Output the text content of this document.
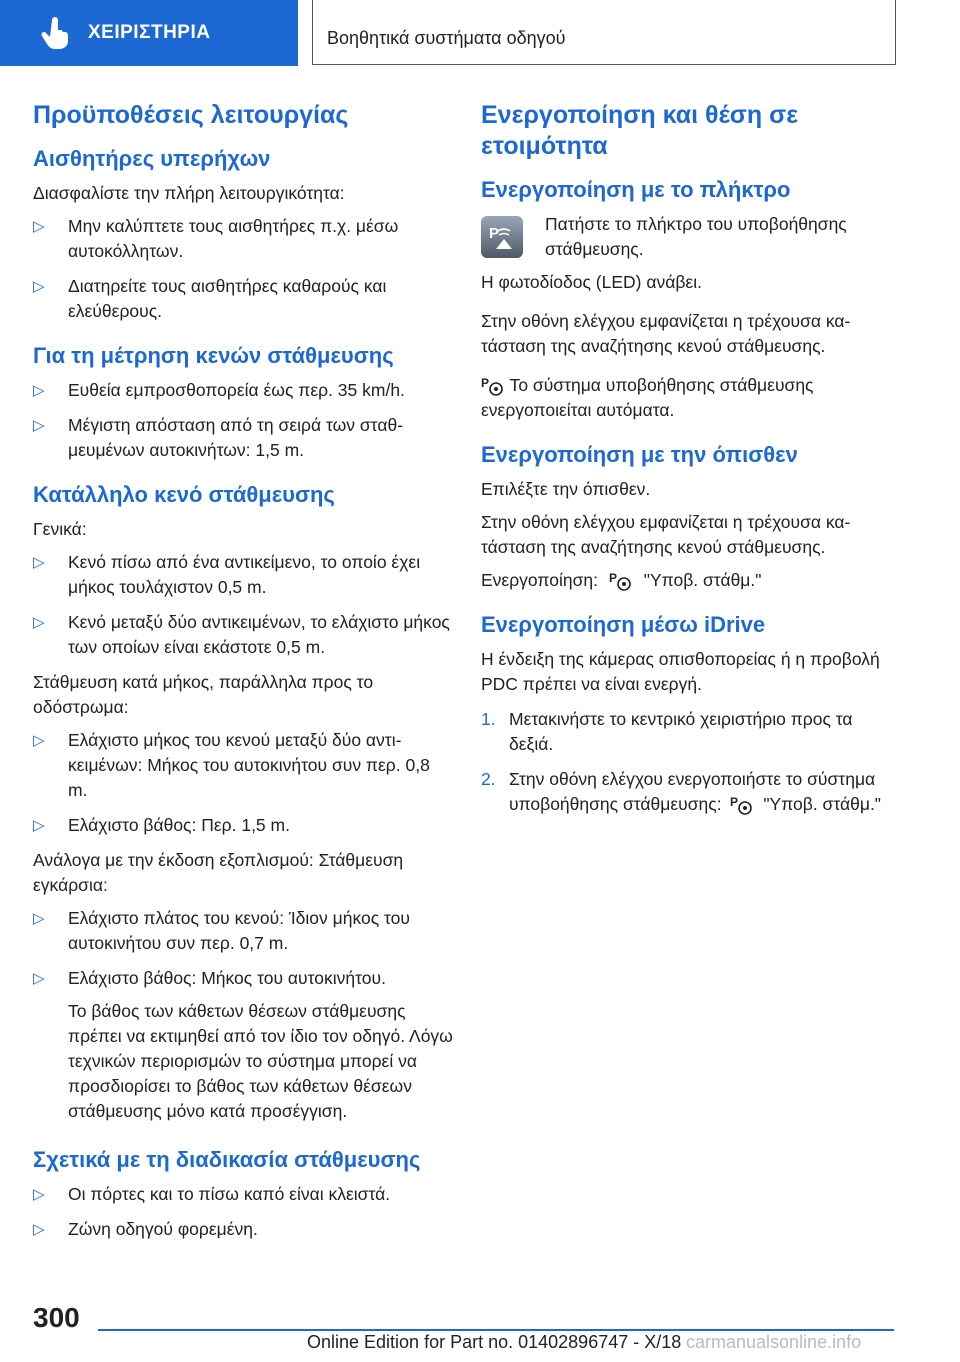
ΧΕΙΡΙΣΤΗΡΙΑ	Βοηθητικά συστήματα οδηγού
Προϋποθέσεις λειτουργίας
Αισθητήρες υπερήχων

Διασφαλίστε την πλήρη λειτουργικότητα:

▷ Μην καλύπτετε τους αισθητήρες π.χ. μέσω αυτοκόλλητων.
▷ Διατηρείτε τους αισθητήρες καθαρούς και ελεύθερους.
Για τη μέτρηση κενών στάθμευσης
▷ Ευθεία εμπροσθοπορεία έως περ. 35 km/h.
▷ Μέγιστη απόσταση από τη σειρά των σταθμευμένων αυτοκινήτων: 1,5 m.
Κατάλληλο κενό στάθμευσης

Γενικά:

▷ Κενό πίσω από ένα αντικείμενο, το οποίο έχει μήκος τουλάχιστον 0,5 m.
▷ Κενό μεταξύ δύο αντικειμένων, το ελάχιστο μήκος των οποίων είναι εκάστοτε 0,5 m.

Στάθμευση κατά μήκος, παράλληλα προς το οδόστρωμα:

▷ Ελάχιστο μήκος του κενού μεταξύ δύο αντικειμένων: Μήκος του αυτοκινήτου συν περ. 0,8 m.
▷ Ελάχιστο βάθος: Περ. 1,5 m.

Ανάλογα με την έκδοση εξοπλισμού: Στάθμευση εγκάρσια:

▷ Ελάχιστο πλάτος του κενού: Ίδιον μήκος του αυτοκινήτου συν περ. 0,7 m.
▷ Ελάχιστο βάθος: Μήκος του αυτοκινήτου.

Το βάθος των κάθετων θέσεων στάθμευσης πρέπει να εκτιμηθεί από τον ίδιο τον οδηγό. Λόγω τεχνικών περιορισμών το σύστημα μπορεί να προσδιορίσει το βάθος των κάθετων θέσεων στάθμευσης μόνο κατά προσέγγιση.

Σχετικά με τη διαδικασία στάθμευσης
▷ Οι πόρτες και το πίσω καπό είναι κλειστά.
▷ Ζώνη οδηγού φορεμένη.
Ενεργοποίηση και θέση σε ετοιμότητα
Ενεργοποίηση με το πλήκτρο
P	Πατήστε το πλήκτρο του υποβοήθησης στάθμευσης.

Η φωτοδίοδος (LED) ανάβει.

Στην οθόνη ελέγχου εμφανίζεται η τρέχουσα κατάσταση της αναζήτησης κενού στάθμευσης.

P Το σύστημα υποβοήθησης στάθμευσης ενεργοποιείται αυτόματα.

Ενεργοποίηση με την όπισθεν

Επιλέξτε την όπισθεν.

Στην οθόνη ελέγχου εμφανίζεται η τρέχουσα κατάσταση της αναζήτησης κενού στάθμευσης.

Ενεργοποίηση: P "Υποβ. στάθμ."

Ενεργοποίηση μέσω iDrive

Η ένδειξη της κάμερας οπισθοπορείας ή η προβολή PDC πρέπει να είναι ενεργή.

1. Μετακινήστε το κεντρικό χειριστήριο προς τα δεξιά.
2. Στην οθόνη ελέγχου ενεργοποιήστε το σύστημα υποβοήθησης στάθμευσης: P "Υποβ. στάθμ."
300
Online Edition for Part no. 01402896747 - X/18 carmanualsonline.info
